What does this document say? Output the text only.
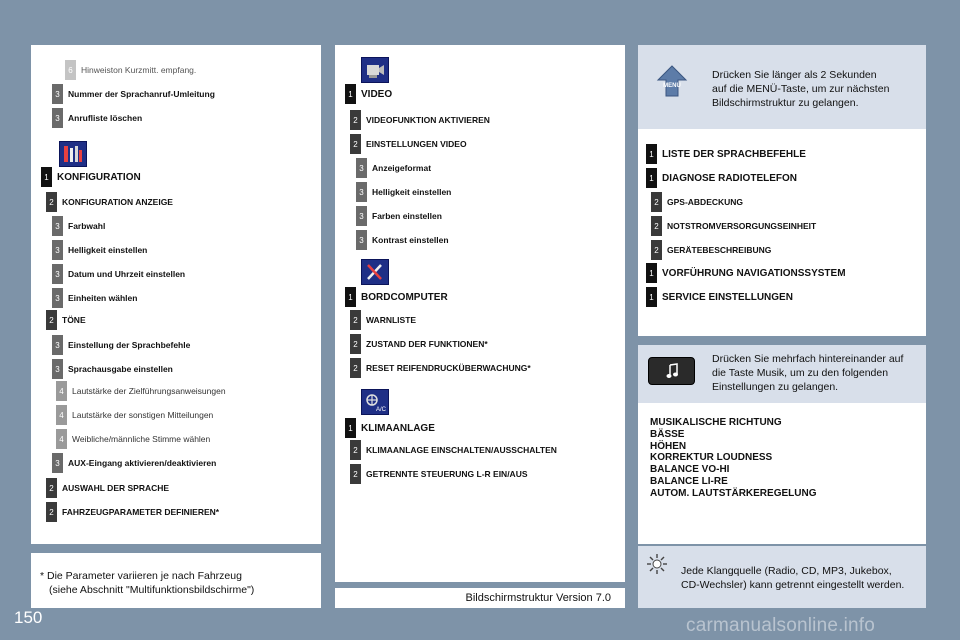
A/C
MENU
Drücken Sie länger als 2 Sekunden
auf die MENÜ-Taste, um zur nächsten
Bildschirmstruktur zu gelangen.
Drücken Sie mehrfach hintereinander auf
die Taste Musik, um zu den folgenden
Einstellungen zu gelangen.
MUSIKALISCHE RICHTUNG
BÄSSE
HÖHEN
KORREKTUR LOUDNESS
BALANCE VO-HI
BALANCE LI-RE
AUTOM. LAUTSTÄRKEREGELUNG
Jede Klangquelle (Radio, CD, MP3, Jukebox,
CD-Wechsler) kann getrennt eingestellt werden.
* Die Parameter variieren je nach Fahrzeug
(siehe Abschnitt "Multifunktionsbildschirme")
Bildschirmstruktur Version 7.0
6 Hinweiston Kurzmitt. empfang.
3 Nummer der Sprachanruf-Umleitung
3 Anrufliste löschen
1 KONFIGURATION
2 KONFIGURATION ANZEIGE
3 Farbwahl
3 Helligkeit einstellen
3 Datum und Uhrzeit einstellen
3 Einheiten wählen
2 TÖNE
3 Einstellung der Sprachbefehle
3 Sprachausgabe einstellen
4 Lautstärke der Zielführungsanweisungen
4 Lautstärke der sonstigen Mitteilungen
4 Weibliche/männliche Stimme wählen
3 AUX-Eingang aktivieren/deaktivieren
2 AUSWAHL DER SPRACHE
2 FAHRZEUGPARAMETER DEFINIEREN*
1 VIDEO
2 VIDEOFUNKTION AKTIVIEREN
2 EINSTELLUNGEN VIDEO
3 Anzeigeformat
3 Helligkeit einstellen
3 Farben einstellen
3 Kontrast einstellen
1 BORDCOMPUTER
2 WARNLISTE
2 ZUSTAND DER FUNKTIONEN*
2 RESET REIFENDRUCKÜBERWACHUNG*
1 KLIMAANLAGE
2 KLIMAANLAGE EINSCHALTEN/AUSSCHALTEN
2 GETRENNTE STEUERUNG L-R EIN/AUS
1 LISTE DER SPRACHBEFEHLE
1 DIAGNOSE RADIOTELEFON
2 GPS-ABDECKUNG
2 NOTSTROMVERSORGUNGSEINHEIT
2 GERÄTEBESCHREIBUNG
1 VORFÜHRUNG NAVIGATIONSSYSTEM
1 SERVICE EINSTELLUNGEN
150	carmanualsonline.info
